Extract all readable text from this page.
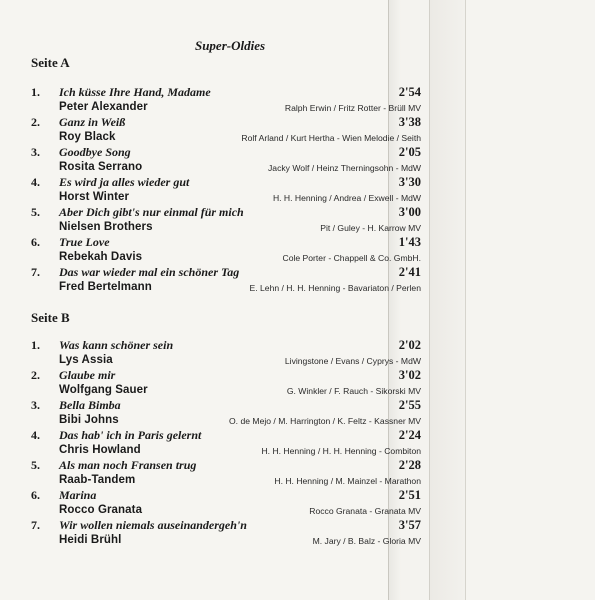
Super-Oldies
Seite A
1. Ich küsse Ihre Hand, Madame	2'54
Peter Alexander	Ralph Erwin / Fritz Rotter - Brüll MV
2. Ganz in Weiß	3'38
Roy Black	Rolf Arland / Kurt Hertha - Wien Melodie / Seith
3. Goodbye Song	2'05
Rosita Serrano	Jacky Wolf / Heinz Therningsohn - MdW
4. Es wird ja alles wieder gut	3'30
Horst Winter	H. H. Henning / Andrea / Exwell - MdW
5. Aber Dich gibt's nur einmal für mich	3'00
Nielsen Brothers	Pit / Guley - H. Karrow MV
6. True Love	1'43
Rebekah Davis	Cole Porter - Chappell & Co. GmbH.
7. Das war wieder mal ein schöner Tag	2'41
Fred Bertelmann	E. Lehn / H. H. Henning - Bavariaton / Perlen
Seite B
1. Was kann schöner sein	2'02
Lys Assia	Livingstone / Evans / Cyprys - MdW
2. Glaube mir	3'02
Wolfgang Sauer	G. Winkler / F. Rauch - Sikorski MV
3. Bella Bimba	2'55
Bibi Johns	O. de Mejo / M. Harrington / K. Feltz - Kassner MV
4. Das hab' ich in Paris gelernt	2'24
Chris Howland	H. H. Henning / H. H. Henning - Combiton
5. Als man noch Fransen trug	2'28
Raab-Tandem	H. H. Henning / M. Mainzel - Marathon
6. Marina	2'51
Rocco Granata	Rocco Granata - Granata MV
7. Wir wollen niemals auseinandergeh'n	3'57
Heidi Brühl	M. Jary / B. Balz - Gloria MV
